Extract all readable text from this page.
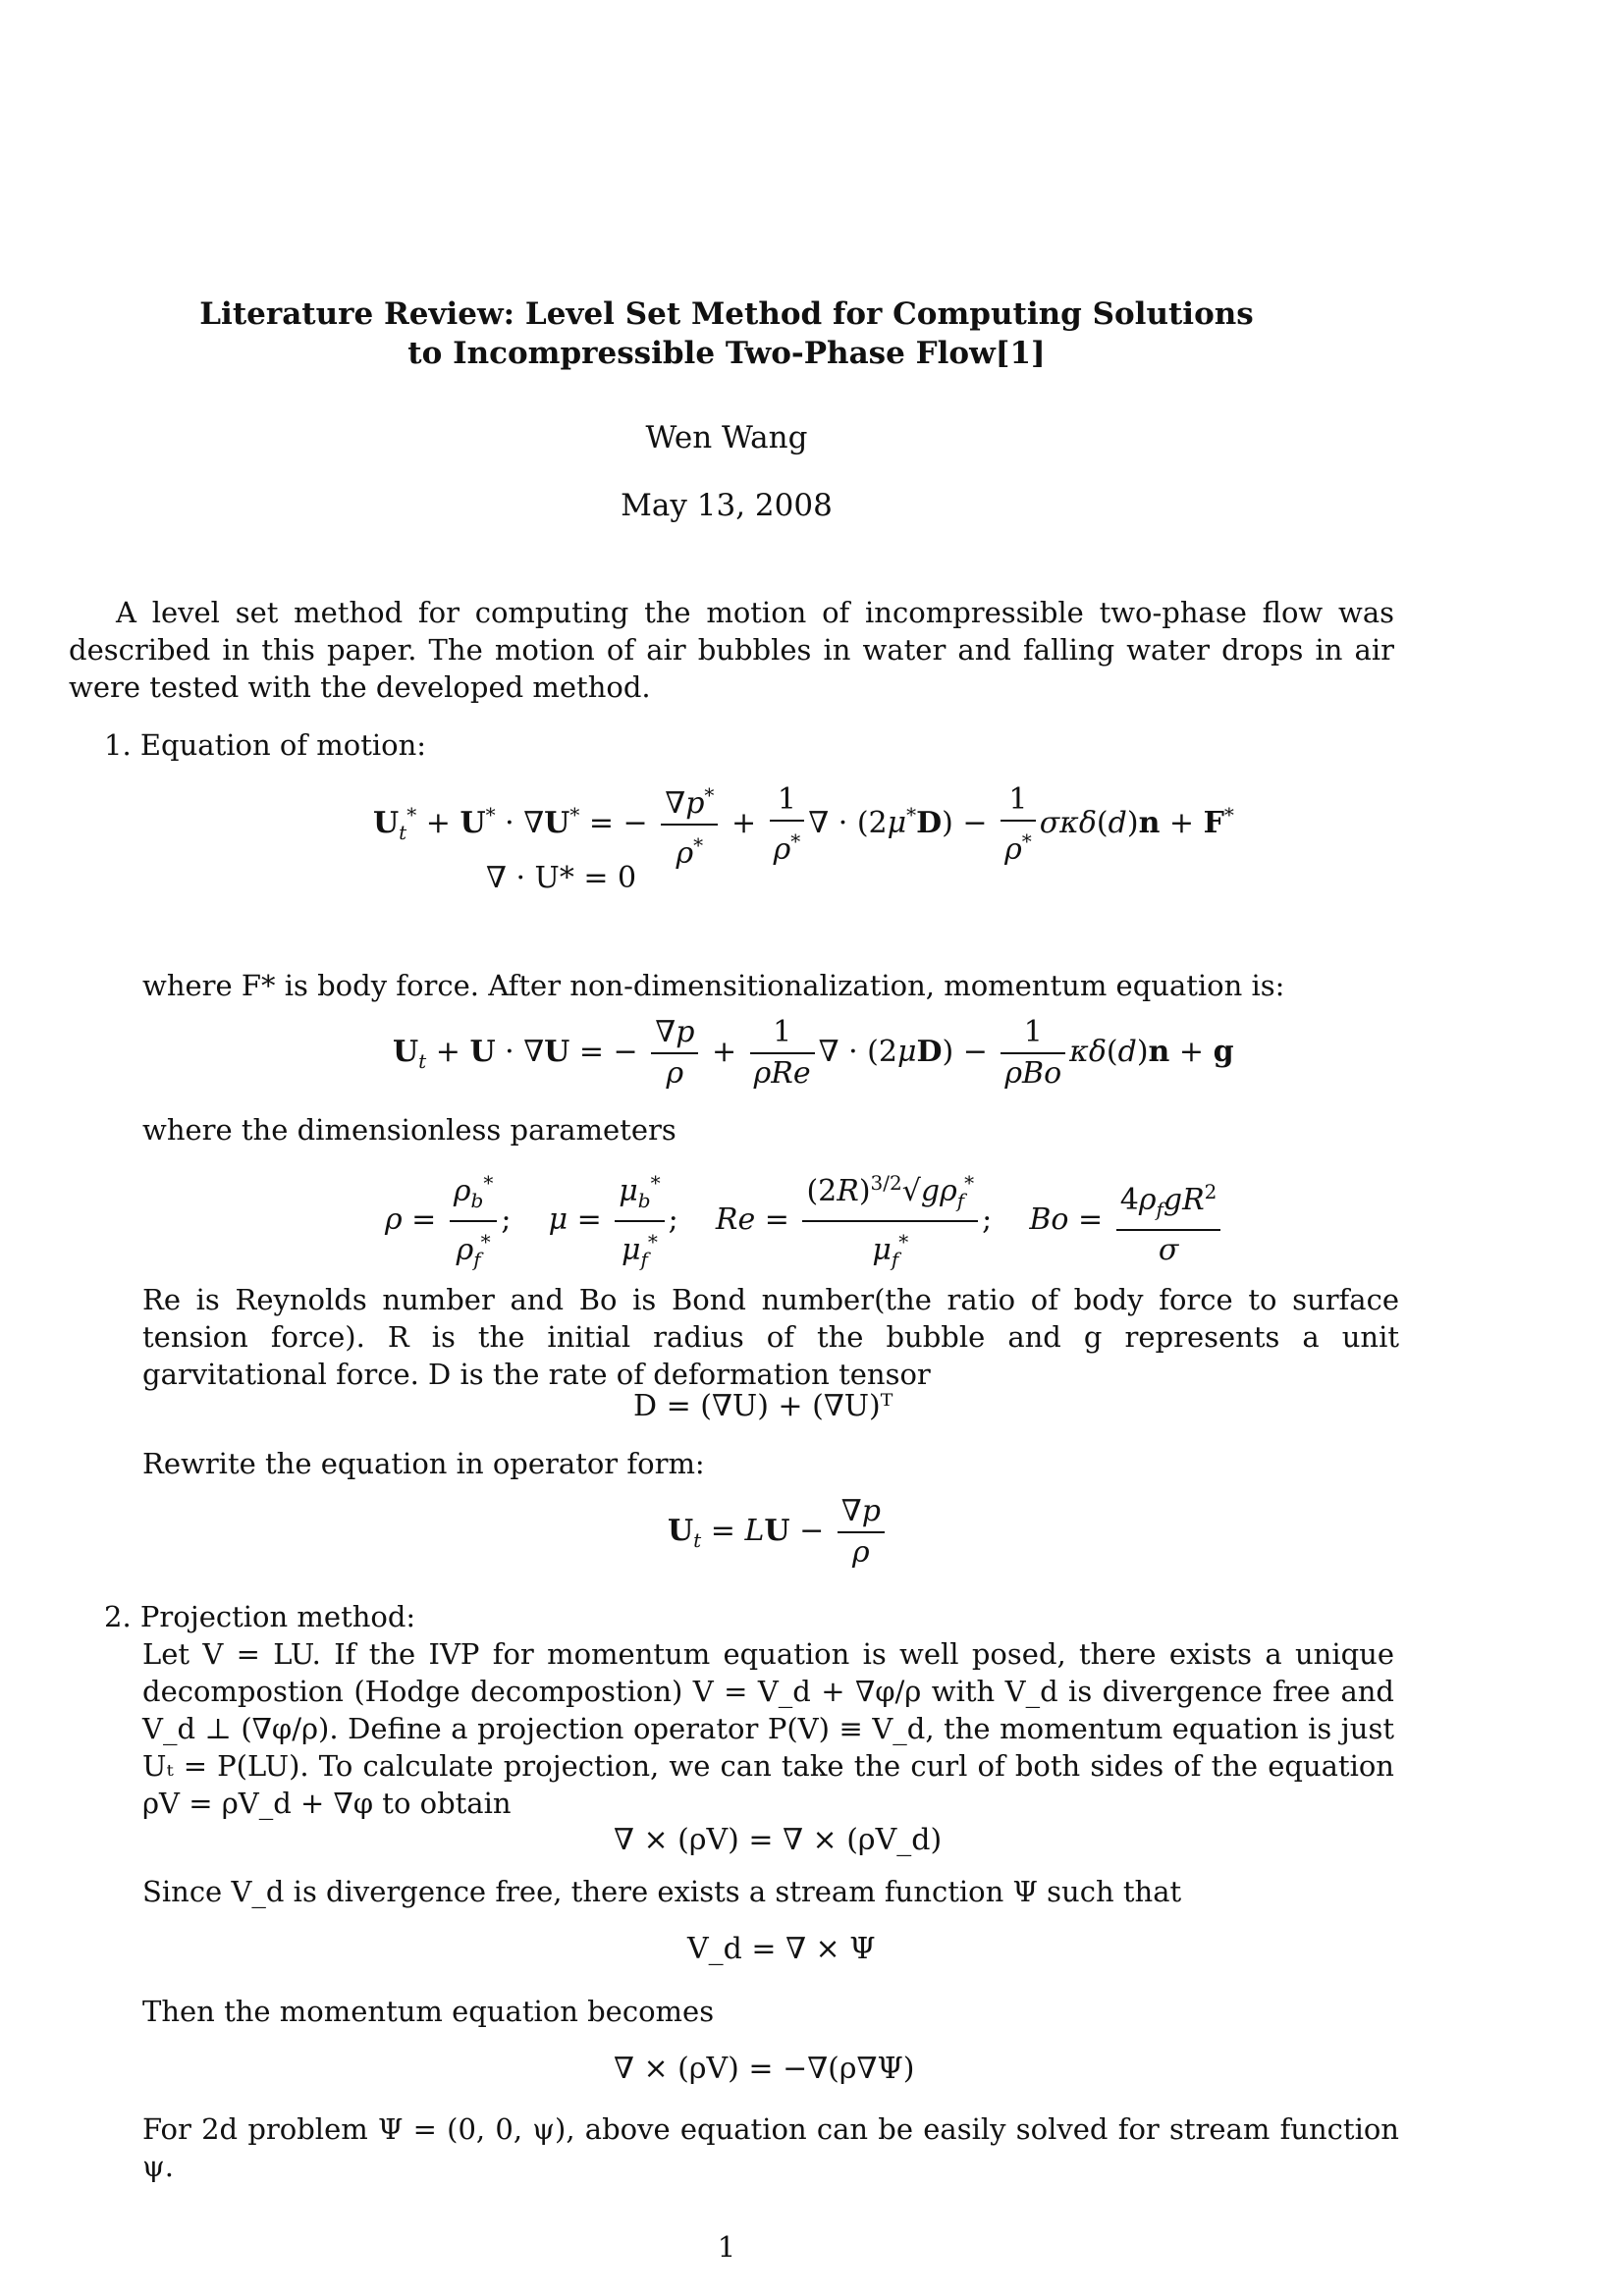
Literature Review: Level Set Method for Computing Solutions
to Incompressible Two-Phase Flow[1]
Wen Wang
May 13, 2008
A level set method for computing the motion of incompressible two-phase flow was described in this paper. The motion of air bubbles in water and falling water drops in air were tested with the developed method.
1. Equation of motion:
$U_t^* + U^* \cdot \nabla U^*$ = − $\frac{\nabla p^*}{\rho^*} + \frac{1}{\rho^*}$ ∇ · $(2\mu^*D) - \frac{1}{\rho^*} \sigma\kappa\delta(d)n + F^*$
∇ · U* = 0
where F* is body force. After non-dimensitionalization, momentum equation is:
$U_t + U \cdot \nabla U$ = − $\frac{\nabla p}{\rho} + \frac{1}{\text{ρRe}}$ ∇ · $(2\mu D) - \frac{1}{\text{ρBo}} \kappa\delta(d)n + g$
where the dimensionless parameters
$\rho = \frac{\rho_b^*}{\rho_f^*}$ ;    $\mu = \frac{\mu_b^*}{\mu_f^*}$ ;    $Re = \frac{(2R)^{3/2}√g\rho_f^*}{\mu_f^*}$ ;    $Bo = \frac{4\rho_fgR^2}{\sigma}$
Re is Reynolds number and Bo is Bond number(the ratio of body force to surface tension force). R is the initial radius of the bubble and g represents a unit garvitational force. D is the rate of deformation tensor
D = (∇U) + (∇U)ᵀ
Rewrite the equation in operator form:
$U_t$ = LU − $\frac{\nabla p}{\rho}$
2. Projection method:
Let V = LU. If the IVP for momentum equation is well posed, there exists a unique decompostion (Hodge decompostion) V = V_d + ∇φ/ρ with V_d is divergence free and V_d ⊥ (∇φ/ρ). Define a projection operator P(V) ≡ V_d, the momentum equation is just Uₜ = P(LU). To calculate projection, we can take the curl of both sides of the equation ρV = ρV_d + ∇φ to obtain
∇ × (ρV) = ∇ × (ρV_d)
Since V_d is divergence free, there exists a stream function Ψ such that
V_d = ∇ × Ψ
Then the momentum equation becomes
∇ × (ρV) = −∇(ρ∇Ψ)
For 2d problem Ψ = (0, 0, ψ), above equation can be easily solved for stream function ψ.
1
